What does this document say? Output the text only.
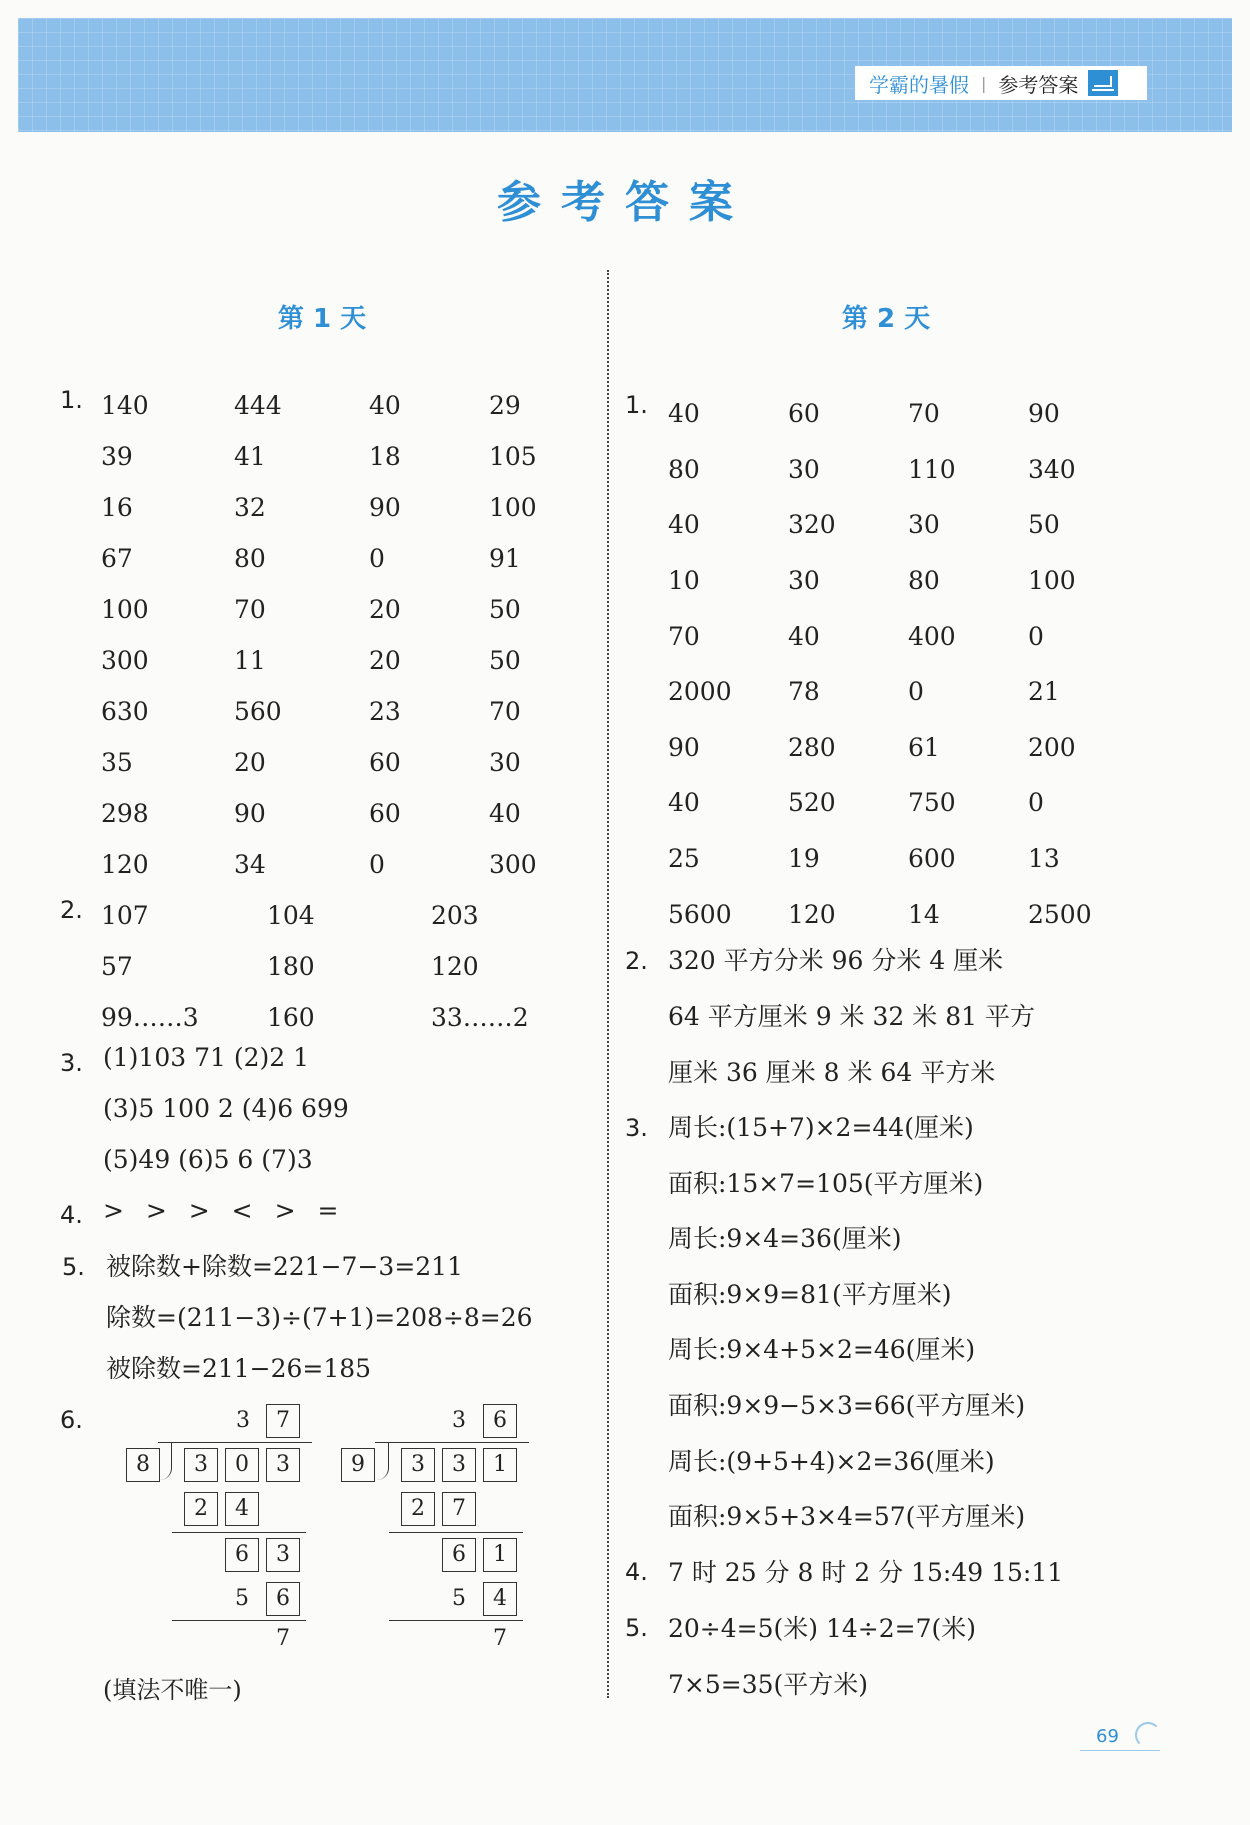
学霸的暑假 | 参考答案
参考答案
第 1 天
1. 140	444	40	29
39	41	18	105
16	32	90	100
67	80	0	91
100	70	20	50
300	11	20	50
630	560	23	70
35	20	60	30
298	90	60	40
120	34	0	300
2. 107	104	203
57	180	120
99……3	160	33……2
3. (1)103 71 (2)2 1
(3)5 100 2 (4)6 699
(5)49 (6)5 6 (7)3
4. > > > < > =
5. 被除数+除数=221−7−3=211
除数=(211−3)÷(7+1)=208÷8=26
被除数=211−26=185
6.	3	7
8	3	0	3
2	4
6	3
5	6
7
3	6
9	3	3	1
2	7
6	1
5	4
7
(填法不唯一)
第 2 天
1. 40	60	70	90
80	30	110	340
40	320	30	50
10	30	80	100
70	40	400	0
2000	78	0	21
90	280	61	200
40	520	750	0
25	19	600	13
5600	120	14	2500
2. 320 平方分米 96 分米 4 厘米
64 平方厘米 9 米 32 米 81 平方
厘米 36 厘米 8 米 64 平方米
3. 周长:(15+7)×2=44(厘米)
面积:15×7=105(平方厘米)
周长:9×4=36(厘米)
面积:9×9=81(平方厘米)
周长:9×4+5×2=46(厘米)
面积:9×9−5×3=66(平方厘米)
周长:(9+5+4)×2=36(厘米)
面积:9×5+3×4=57(平方厘米)
4. 7 时 25 分 8 时 2 分 15:49 15:11
5. 20÷4=5(米) 14÷2=7(米)
7×5=35(平方米)
69
